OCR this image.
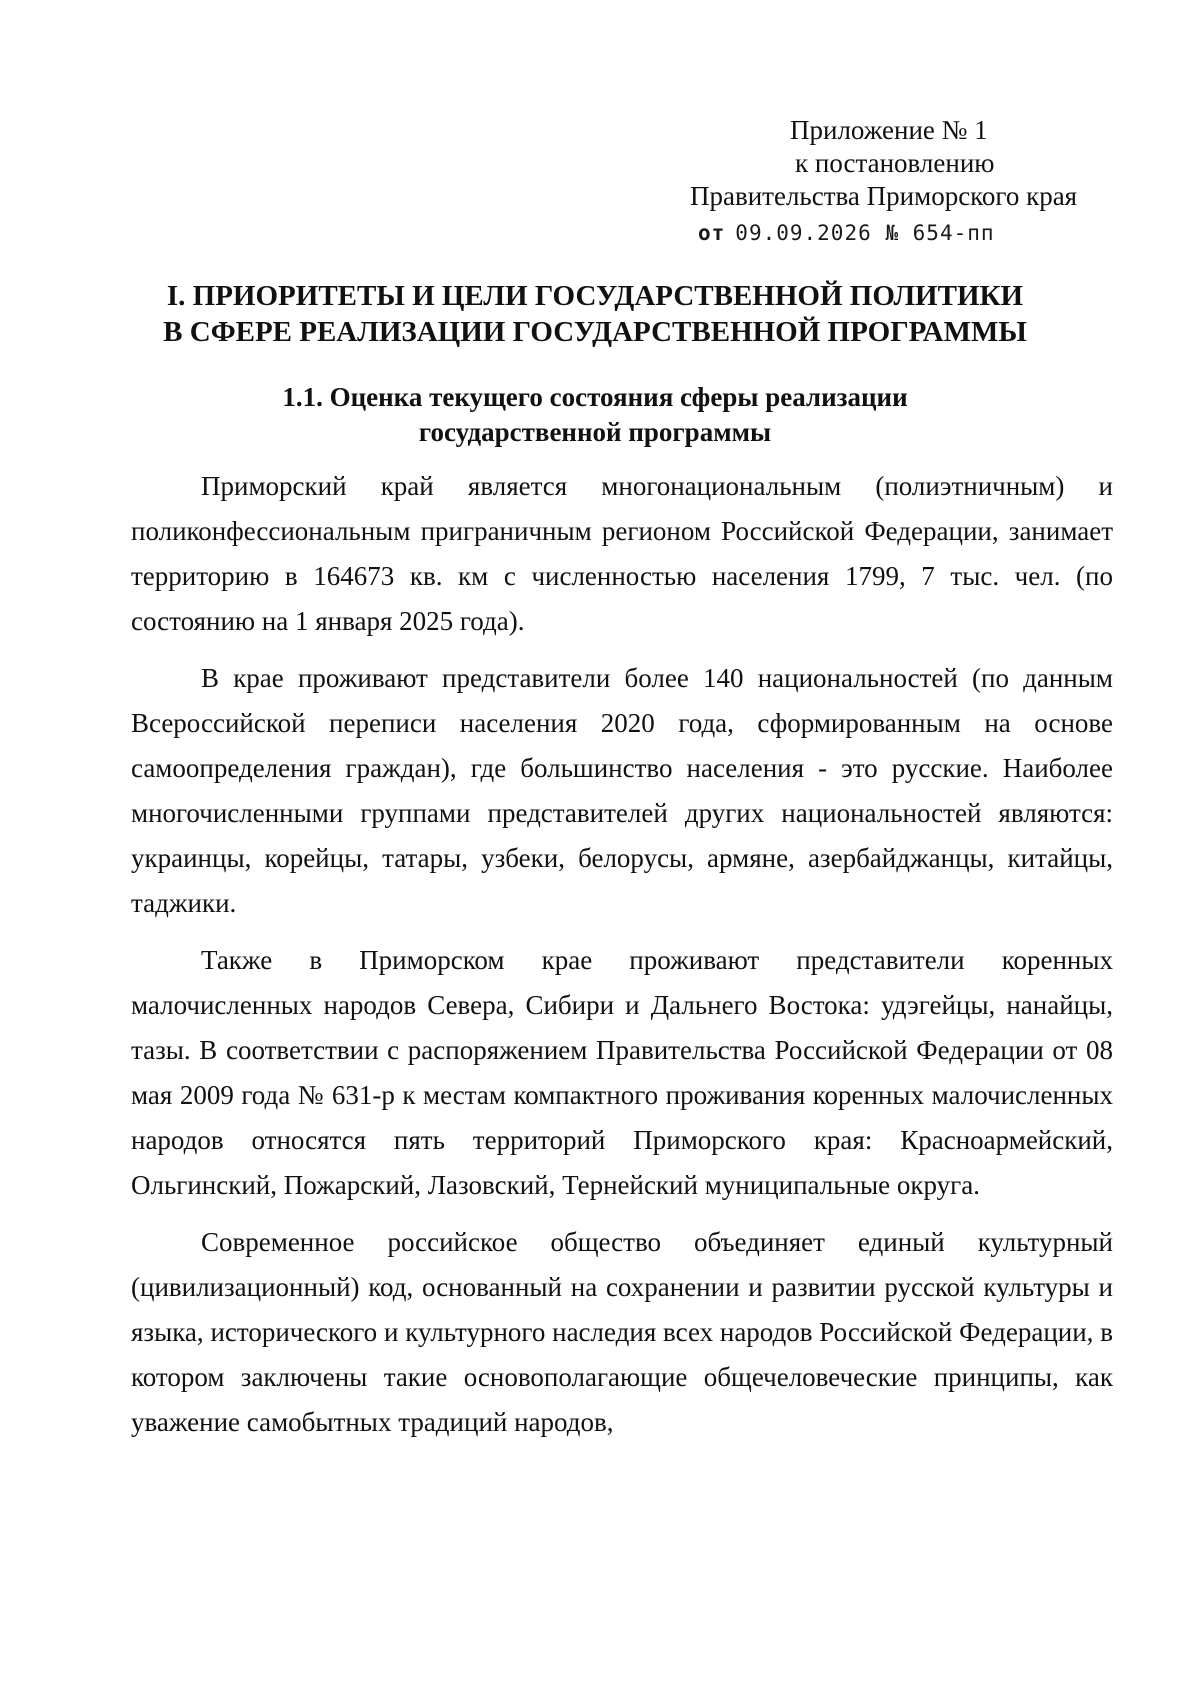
Приложение № 1
к постановлению
Правительства Приморского края
от 09.09.2026 № 654-пп
I. ПРИОРИТЕТЫ И ЦЕЛИ ГОСУДАРСТВЕННОЙ ПОЛИТИКИ
В СФЕРЕ РЕАЛИЗАЦИИ ГОСУДАРСТВЕННОЙ ПРОГРАММЫ
1.1. Оценка текущего состояния сферы реализации
государственной программы

Приморский край является многонациональным (полиэтничным) и поликонфессиональным приграничным регионом Российской Федерации, занимает территорию в 164673 кв. км с численностью населения 1799, 7 тыс. чел. (по состоянию на 1 января 2025 года).

В крае проживают представители более 140 национальностей (по данным Всероссийской переписи населения 2020 года, сформированным на основе самоопределения граждан), где большинство населения - это русские. Наиболее многочисленными группами представителей других национальностей являются: украинцы, корейцы, татары, узбеки, белорусы, армяне, азербайджанцы, китайцы, таджики.

Также в Приморском крае проживают представители коренных малочисленных народов Севера, Сибири и Дальнего Востока: удэгейцы, нанайцы, тазы. В соответствии с распоряжением Правительства Российской Федерации от 08 мая 2009 года № 631-р к местам компактного проживания коренных малочисленных народов относятся пять территорий Приморского края: Красноармейский, Ольгинский, Пожарский, Лазовский, Тернейский муниципальные округа.

Современное российское общество объединяет единый культурный (цивилизационный) код, основанный на сохранении и развитии русской культуры и языка, исторического и культурного наследия всех народов Российской Федерации, в котором заключены такие основополагающие общечеловеческие принципы, как уважение самобытных традиций народов,
